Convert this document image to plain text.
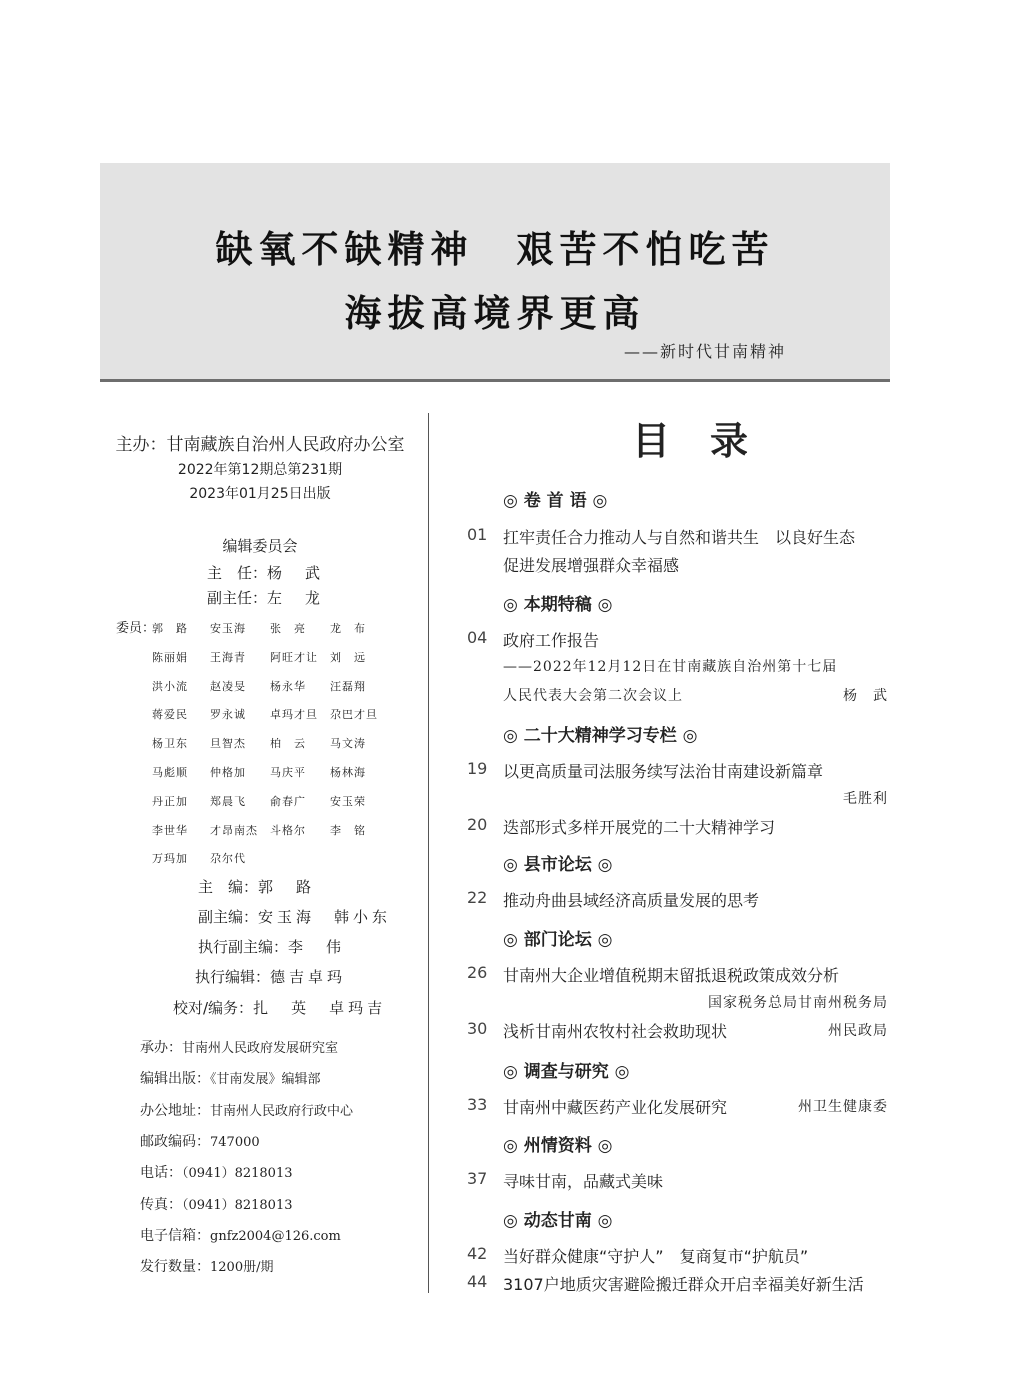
缺氧不缺精神　艰苦不怕吃苦
海拔高境界更高
——新时代甘南精神
主办：甘南藏族自治州人民政府办公室
2022年第12期总第231期
2023年01月25日出版
编辑委员会
主　任：杨　武
副主任：左　龙
委员：
郭　路 安玉海 张　亮 龙　布
陈丽娟 王海青 阿旺才让 刘　远
洪小流 赵凌旻 杨永华 汪磊翔
蒋爱民 罗永诚 卓玛才旦 尕巴才旦
杨卫东 旦智杰 柏　云 马文涛
马彪顺 仲格加 马庆平 杨林海
丹正加 郑晨飞 俞春广 安玉荣
李世华 才昂南杰 斗格尔 李　铭
万玛加 尕尔代
主　编：郭　路
副主编：安玉海　韩小东
执行副主编：李　伟
执行编辑：德吉卓玛
校对/编务：扎　英　卓玛吉
承办：甘南州人民政府发展研究室
编辑出版：《甘南发展》编辑部
办公地址：甘南州人民政府行政中心
邮政编码：747000
电话：（0941）8218013
传真：（0941）8218013
电子信箱：gnfz2004@126.com
发行数量：1200册/期
目录
◎ 卷 首 语 ◎
01 扛牢责任合力推动人与自然和谐共生　以良好生态
促进发展增强群众幸福感
◎ 本期特稿 ◎
04 政府工作报告
——2022年12月12日在甘南藏族自治州第十七届
人民代表大会第二次会议上	杨　武
◎ 二十大精神学习专栏 ◎
19 以更高质量司法服务续写法治甘南建设新篇章
毛胜利
20 迭部形式多样开展党的二十大精神学习
◎ 县市论坛 ◎
22 推动舟曲县域经济高质量发展的思考
◎ 部门论坛 ◎
26 甘南州大企业增值税期末留抵退税政策成效分析
国家税务总局甘南州税务局
30 浅析甘南州农牧村社会救助现状	州民政局
◎ 调查与研究 ◎
33 甘南州中藏医药产业化发展研究	州卫生健康委
◎ 州情资料 ◎
37 寻味甘南，品藏式美味
◎ 动态甘南 ◎
42 当好群众健康“守护人”　复商复市“护航员”
44 3107户地质灾害避险搬迁群众开启幸福美好新生活
